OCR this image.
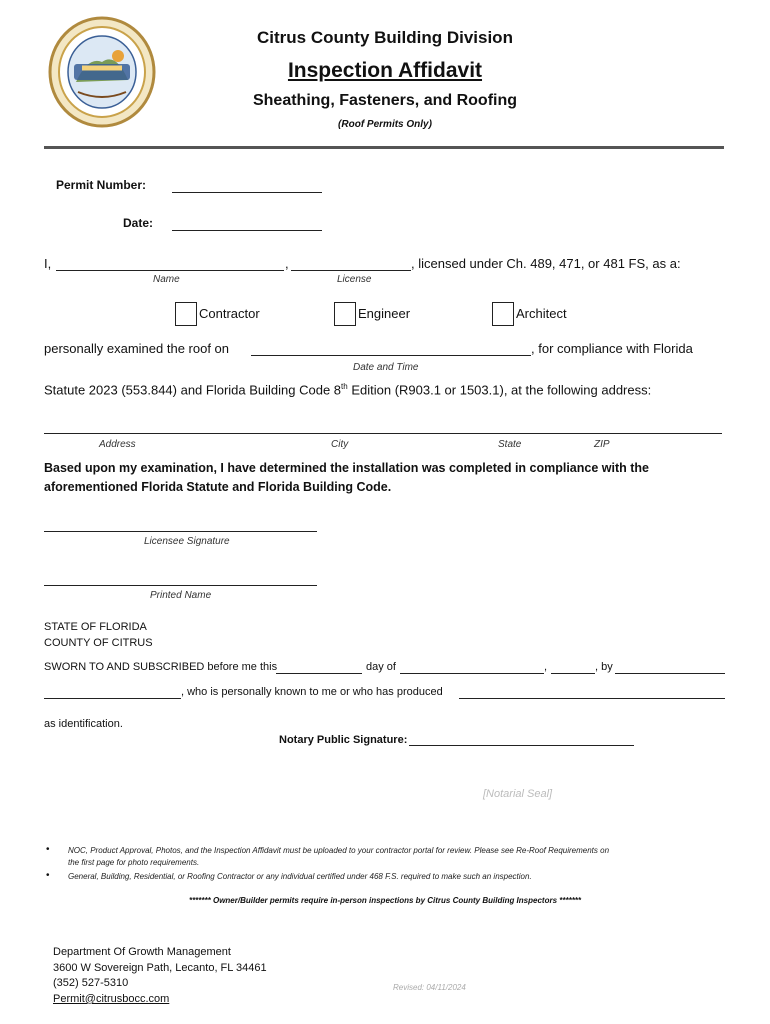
Citrus County Building Division
Inspection Affidavit
Sheathing, Fasteners, and Roofing
(Roof Permits Only)
Permit Number:
Date:
I,	,	, licensed under Ch. 489, 471, or 481 FS, as a:
Name	License
Contractor	Engineer	Architect
personally examined the roof on	, for compliance with Florida
Date and Time
Statute 2023 (553.844) and Florida Building Code 8th Edition (R903.1 or 1503.1), at the following address:
Address	City	State	ZIP
Based upon my examination, I have determined the installation was completed in compliance with the
aforementioned Florida Statute and Florida Building Code.
Licensee Signature
Printed Name
STATE OF FLORIDA
COUNTY OF CITRUS
SWORN TO AND SUBSCRIBED before me this	day of	,	, by
, who is personally known to me or who has produced
as identification.
Notary Public Signature:
[Notarial Seal]
• NOC, Product Approval, Photos, and the Inspection Affidavit must be uploaded to your contractor portal for review. Please see Re-Roof Requirements on
the first page for photo requirements.
• General, Building, Residential, or Roofing Contractor or any individual certified under 468 F.S. required to make such an inspection.
******* Owner/Builder permits require in-person inspections by Citrus County Building Inspectors *******
Department Of Growth Management
3600 W Sovereign Path, Lecanto, FL 34461
(352) 527-5310
Permit@citrusbocc.com
Revised: 04/11/2024
